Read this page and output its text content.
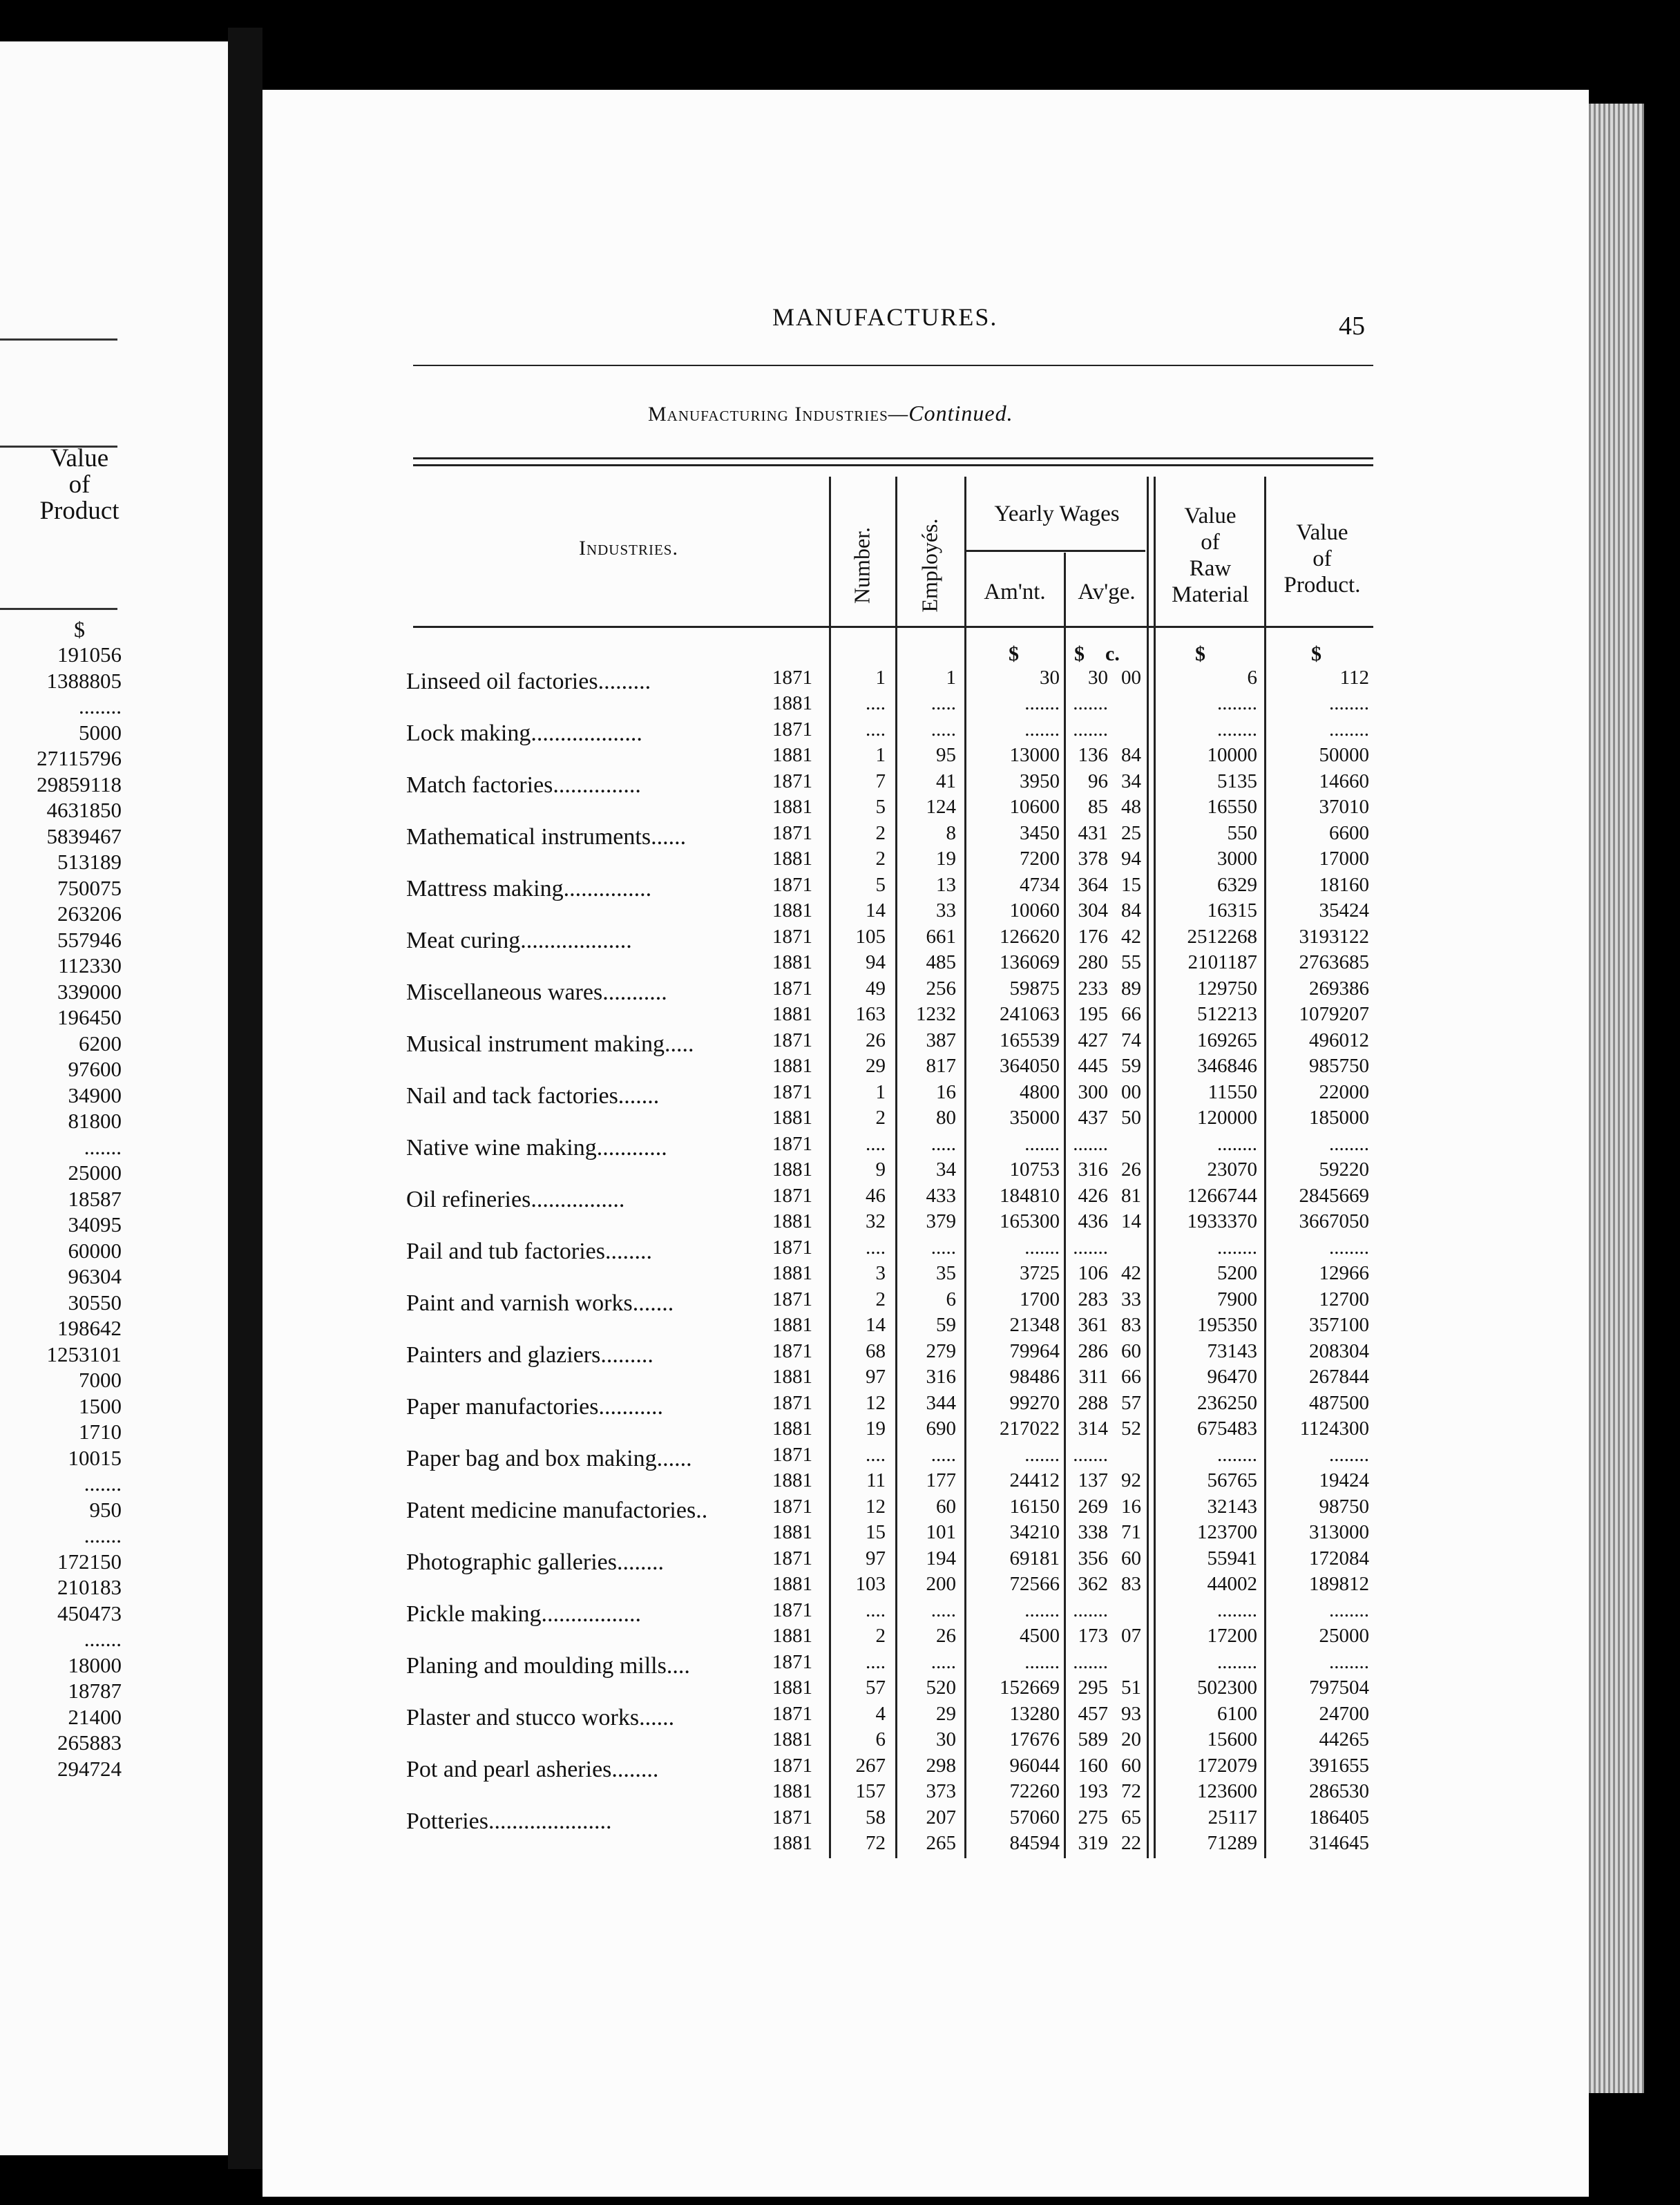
Value
of
Product
$
191056
1388805
........
5000
27115796
29859118
4631850
5839467
513189
750075
263206
557946
112330
339000
196450
6200
97600
34900
81800
.......
25000
18587
34095
60000
96304
30550
198642
1253101
7000
1500
1710
10015
.......
950
.......
172150
210183
450473
.......
18000
18787
21400
265883
294724
MANUFACTURES.	45
Manufacturing Industries—Continued.
Industries.	Number. Employés.
Yearly Wages
Am'nt.	Av'ge.
Value
of
Raw
Material
Value
of
Product.
$	$    c.	$	$
Linseed oil factories.........	1871	1	1	30	30 00	6	112
1881	....	.....	....... .......	........	........
Lock making...................	1871	....	.....	....... .......	........	........
1881	1	95	13000 136 84	10000	50000
Match factories...............	1871	7	41	3950	96 34	5135	14660
1881	5	124	10600	85 48	16550	37010
Mathematical instruments......	1871	2	8	3450 431 25	550	6600
1881	2	19	7200 378 94	3000	17000
Mattress making...............	1871	5	13	4734 364 15	6329	18160
1881	14	33	10060 304 84	16315	35424
Meat curing...................	1871	105	661	126620 176 42	2512268	3193122
1881	94	485	136069 280 55	2101187	2763685
Miscellaneous wares...........	1871	49	256	59875 233 89	129750	269386
1881	163	1232	241063 195 66	512213	1079207
Musical instrument making.....	1871	26	387	165539 427 74	169265	496012
1881	29	817	364050 445 59	346846	985750
Nail and tack factories.......	1871	1	16	4800 300 00	11550	22000
1881	2	80	35000 437 50	120000	185000
Native wine making............	1871	....	.....	....... .......	........	........
1881	9	34	10753 316 26	23070	59220
Oil refineries................	1871	46	433	184810 426 81	1266744	2845669
1881	32	379	165300 436 14	1933370	3667050
Pail and tub factories........	1871	....	.....	....... .......	........	........
1881	3	35	3725 106 42	5200	12966
Paint and varnish works.......	1871	2	6	1700 283 33	7900	12700
1881	14	59	21348 361 83	195350	357100
Painters and glaziers.........	1871	68	279	79964 286 60	73143	208304
1881	97	316	98486 311 66	96470	267844
Paper manufactories...........	1871	12	344	99270 288 57	236250	487500
1881	19	690	217022 314 52	675483	1124300
Paper bag and box making......	1871	....	.....	....... .......	........	........
1881	11	177	24412 137 92	56765	19424
Patent medicine manufactories..	1871	12	60	16150 269 16	32143	98750
1881	15	101	34210 338 71	123700	313000
Photographic galleries........	1871	97	194	69181 356 60	55941	172084
1881	103	200	72566 362 83	44002	189812
Pickle making.................	1871	....	.....	....... .......	........	........
1881	2	26	4500 173 07	17200	25000
Planing and moulding mills....	1871	....	.....	....... .......	........	........
1881	57	520	152669 295 51	502300	797504
Plaster and stucco works......	1871	4	29	13280 457 93	6100	24700
1881	6	30	17676 589 20	15600	44265
Pot and pearl asheries........	1871	267	298	96044 160 60	172079	391655
1881	157	373	72260 193 72	123600	286530
Potteries.....................	1871	58	207	57060 275 65	25117	186405
1881	72	265	84594 319 22	71289	314645
